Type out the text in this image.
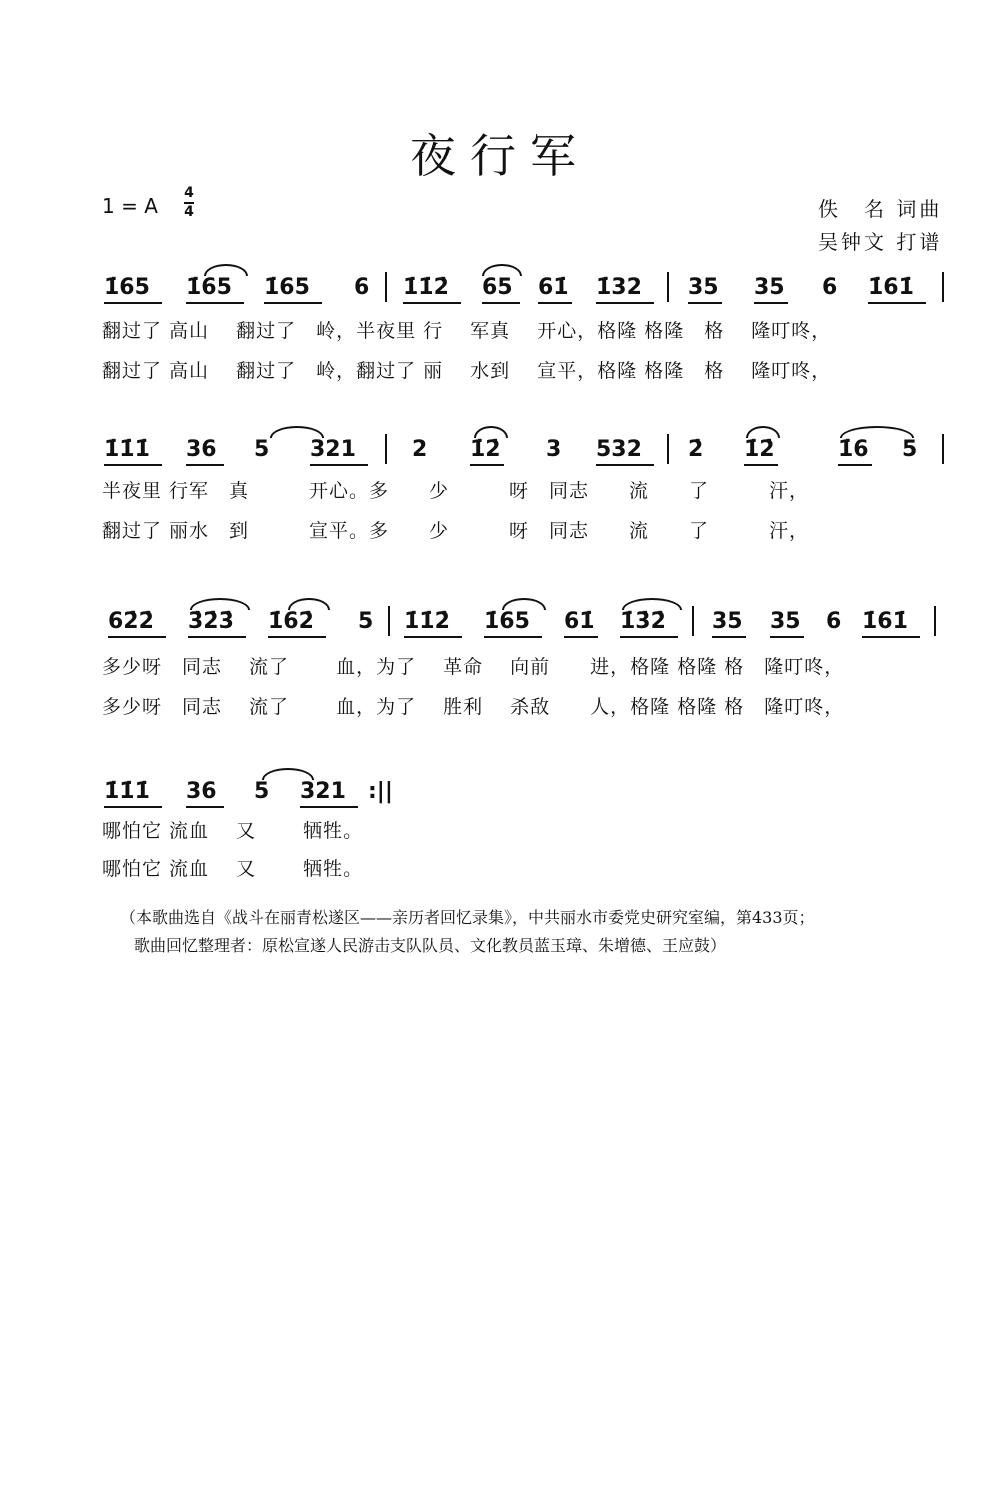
夜行军
1 = A
4
4	佚　名 词曲
吴钟文 打谱
1̇65 1̇65 1̇65 6 1̇1̇2̇ 65 61̇ 1̇32 35 35 6 1̇61̇
翻过了 高山　 翻过了　岭，半夜里 行　 军真　 开心，格隆 格隆　格　 隆叮咚，
翻过了 高山　 翻过了　岭，翻过了 丽　 水到　 宣平，格隆 格隆　格　 隆叮咚，
1̇1̇1̇ 36 5 321	2 1̇2̇ 3 532 2̇ 1̇2̇	1̇6 5
半夜里 行军　真　　　开心。多　　少　　　呀　同志　　流　　了　　　汗，
翻过了 丽水　到　　　宣平。多　　少　　　呀　同志　　流　　了　　　汗，
62̇2̇ 3̇2̇3̇ 1̇62̇ 5 1̇1̇2̇ 1̇65 61̇ 1̇3̇2̇ 35 35 6 1̇61̇
多少呀　同志　 流了　　 血，为了　 革命　 向前　　进，格隆 格隆 格　隆叮咚，
多少呀　同志　 流了　　 血，为了　 胜利　 杀敌　　人，格隆 格隆 格　隆叮咚，
1̇1̇1̇ 36 5 321 :||
哪怕它 流血　 又　　 牺牲。
哪怕它 流血　 又　　 牺牲。
（本歌曲选自《战斗在丽青松遂区——亲历者回忆录集》，中共丽水市委党史研究室编，第433页；
歌曲回忆整理者：原松宣遂人民游击支队队员、文化教员蓝玉璋、朱增德、王应鼓）
